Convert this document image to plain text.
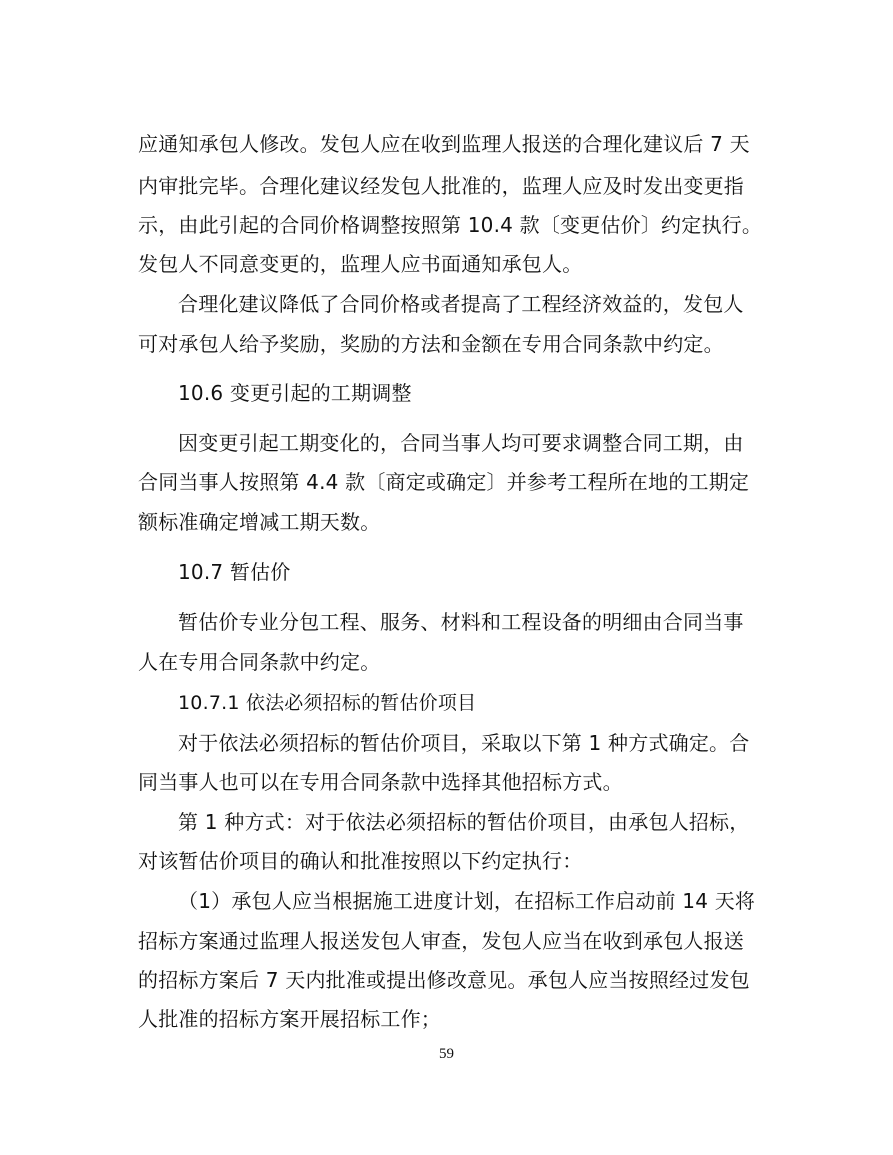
应通知承包人修改。发包人应在收到监理人报送的合理化建议后 7 天
内审批完毕。合理化建议经发包人批准的，监理人应及时发出变更指
示，由此引起的合同价格调整按照第 10.4 款〔变更估价〕约定执行。
发包人不同意变更的，监理人应书面通知承包人。
合理化建议降低了合同价格或者提高了工程经济效益的，发包人
可对承包人给予奖励，奖励的方法和金额在专用合同条款中约定。
10.6 变更引起的工期调整
因变更引起工期变化的，合同当事人均可要求调整合同工期，由
合同当事人按照第 4.4 款〔商定或确定〕并参考工程所在地的工期定
额标准确定增减工期天数。
10.7 暂估价
暂估价专业分包工程、服务、材料和工程设备的明细由合同当事
人在专用合同条款中约定。
10.7.1 依法必须招标的暂估价项目
对于依法必须招标的暂估价项目，采取以下第 1 种方式确定。合
同当事人也可以在专用合同条款中选择其他招标方式。
第 1 种方式：对于依法必须招标的暂估价项目，由承包人招标，
对该暂估价项目的确认和批准按照以下约定执行：
（1）承包人应当根据施工进度计划，在招标工作启动前 14 天将
招标方案通过监理人报送发包人审查，发包人应当在收到承包人报送
的招标方案后 7 天内批准或提出修改意见。承包人应当按照经过发包
人批准的招标方案开展招标工作；
59
